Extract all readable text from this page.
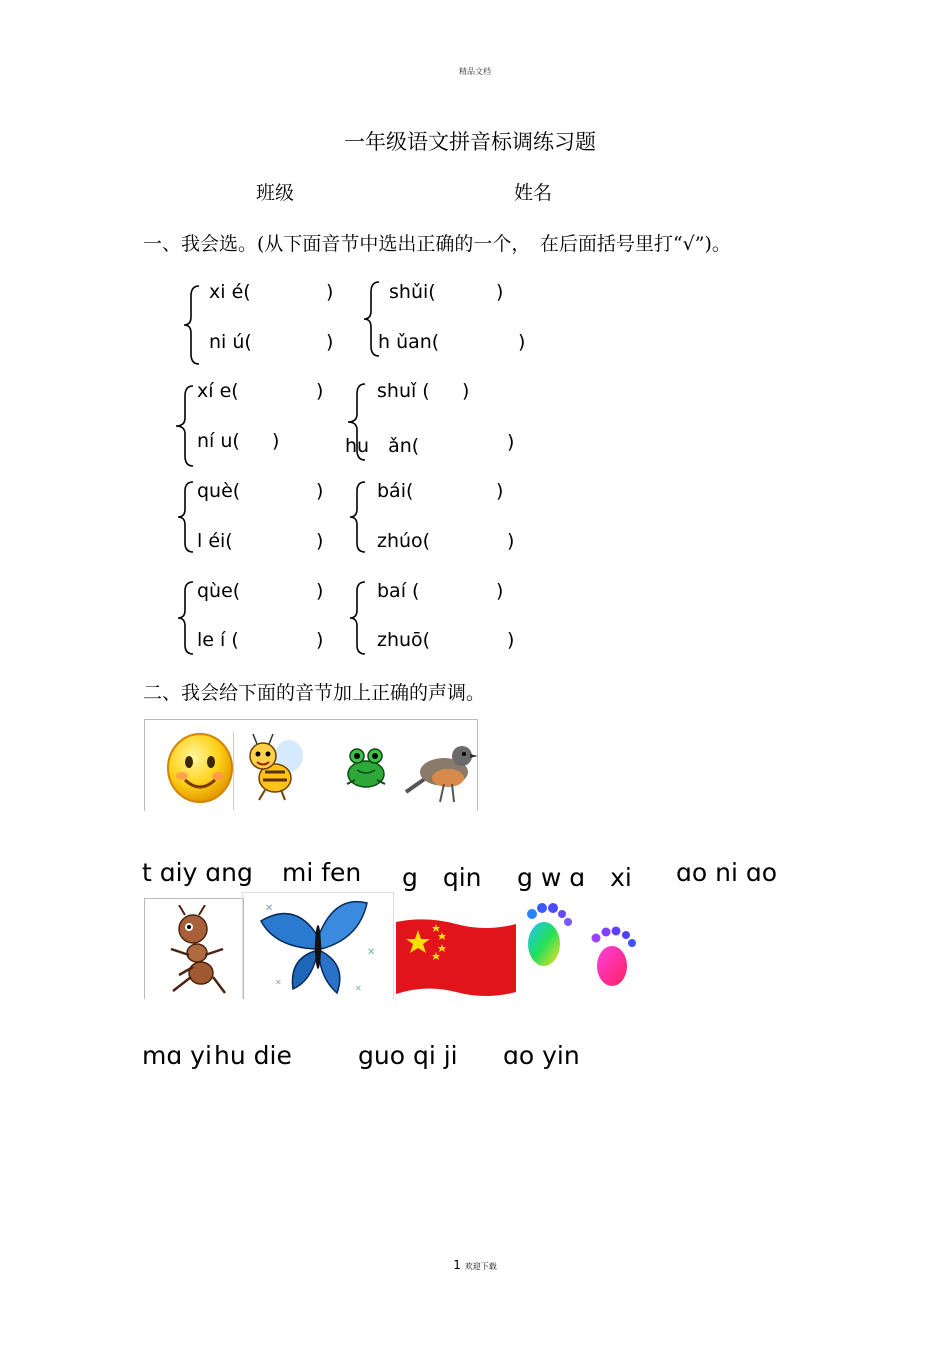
精品文档
一年级语文拼音标调练习题
班级	姓名
一、我会选。(从下面音节中选出正确的一个，　在后面括号里打“√”)。
xi é(	)
ni ú(	)
shǔi(	)
h ǔan(	)
xí e(	)
ní u( )
shuǐ ( )
hu　ǎn(	)
què(	)
l éi(	)
bái(	)
zhúo(	)
qùe(	)
le í (	)
baí (	)
zhuō(	)
二、我会给下面的音节加上正确的声调。
t ɑiy ɑng mi fen g　qin g w ɑ　xi ɑo ni ɑo
✕
✕
✕
✕
mɑ yi hu die	guo qi ji ɑo yin
1 欢迎下载
